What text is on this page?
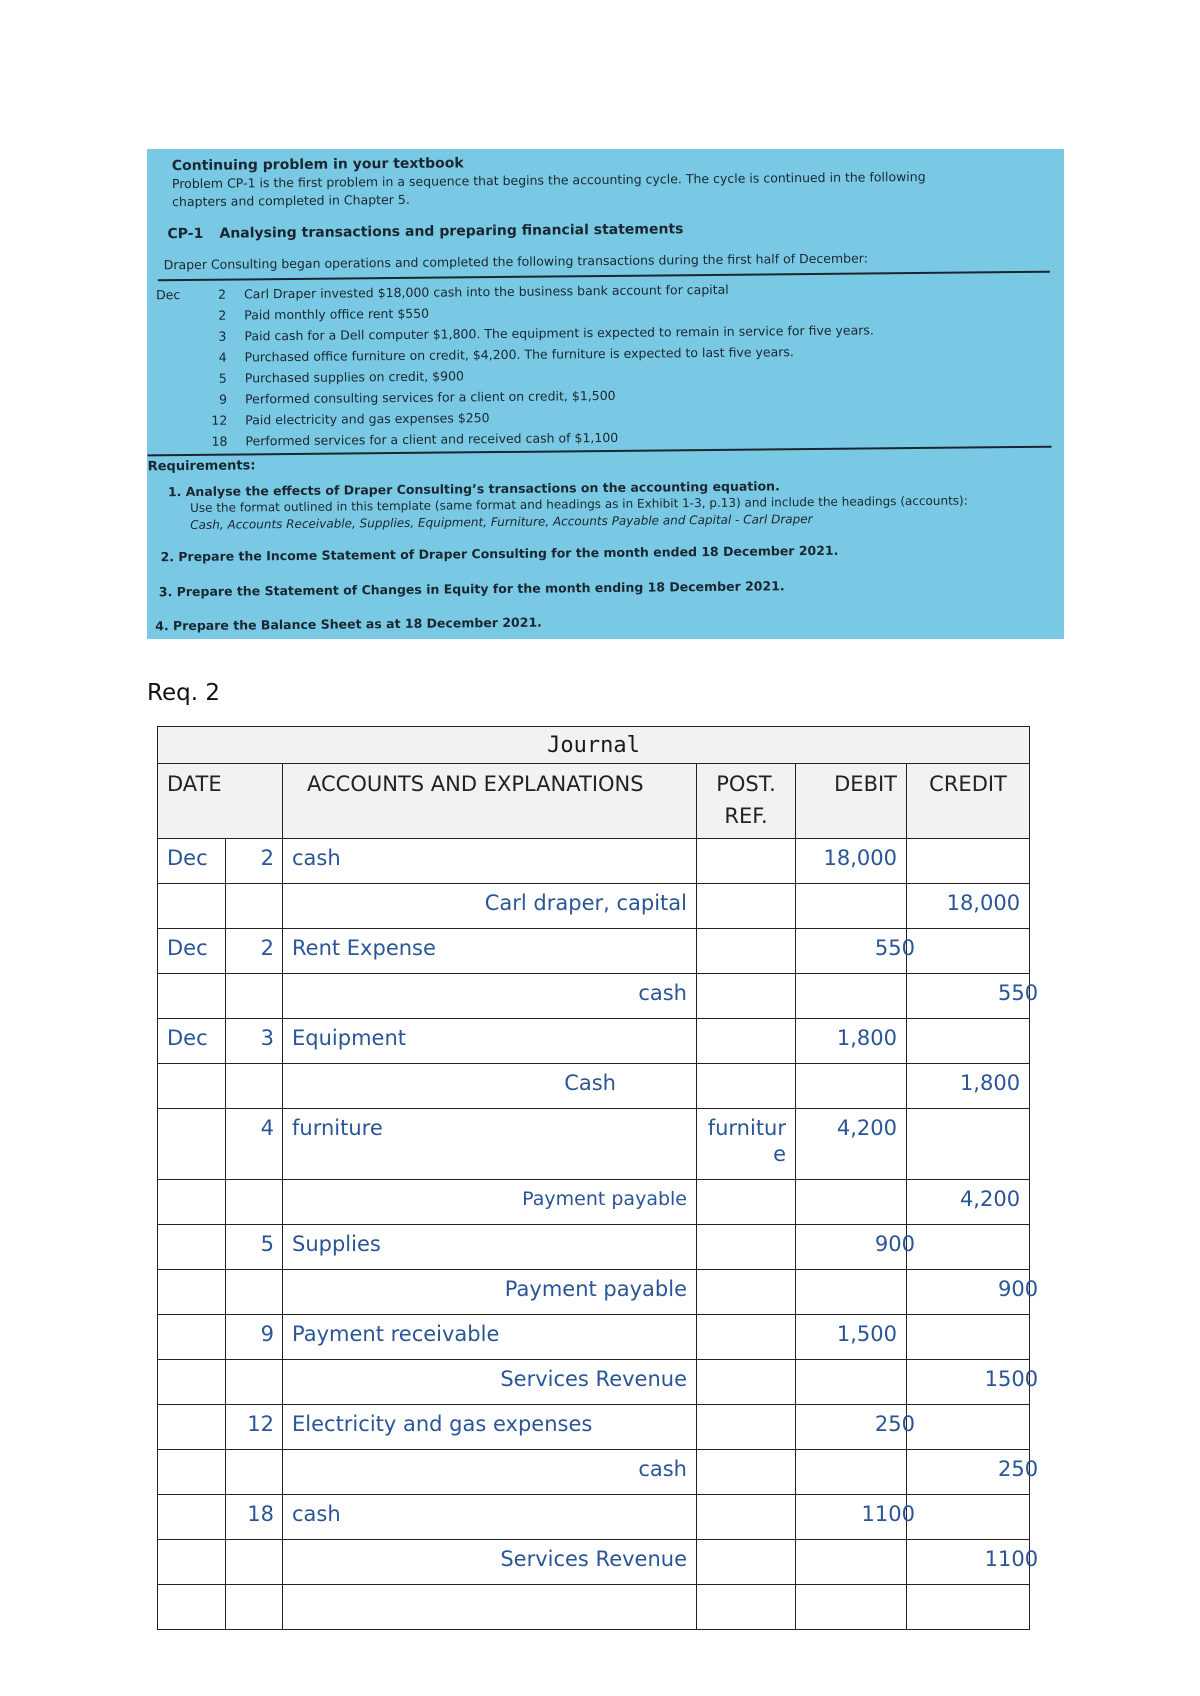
Continuing problem in your textbook
Problem CP-1 is the first problem in a sequence that begins the accounting cycle. The cycle is continued in the following
chapters and completed in Chapter 5.
CP-1 Analysing transactions and preparing financial statements
Draper Consulting began operations and completed the following transactions during the first half of December:
Dec	2 Carl Draper invested $18,000 cash into the business bank account for capital
2 Paid monthly office rent $550
3 Paid cash for a Dell computer $1,800. The equipment is expected to remain in service for five years.
4 Purchased office furniture on credit, $4,200. The furniture is expected to last five years.
5 Purchased supplies on credit, $900
9 Performed consulting services for a client on credit, $1,500
12 Paid electricity and gas expenses $250
18 Performed services for a client and received cash of $1,100
Requirements:
1. Analyse the effects of Draper Consulting’s transactions on the accounting equation.
Use the format outlined in this template (same format and headings as in Exhibit 1-3, p.13) and include the headings (accounts):
Cash, Accounts Receivable, Supplies, Equipment, Furniture, Accounts Payable and Capital - Carl Draper
2. Prepare the Income Statement of Draper Consulting for the month ended 18 December 2021.
3. Prepare the Statement of Changes in Equity for the month ending 18 December 2021.
4. Prepare the Balance Sheet as at 18 December 2021.
Req. 2
Journal					
DATE		ACCOUNTS AND EXPLANATIONS	POST.
REF.	DEBIT	CREDIT
Dec	2	cash		18,000	
		Carl draper, capital			18,000
Dec	2	Rent Expense		550	
		cash			550
Dec	3	Equipment		1,800	
		Cash			1,800
	4	furniture	furniture	4,200	
		Payment payable			4,200
	5	Supplies		900	
		Payment payable			900
	9	Payment receivable		1,500	
		Services Revenue			1500
	12	Electricity and gas expenses		250	
		cash			250
	18	cash		1100	
		Services Revenue			1100
